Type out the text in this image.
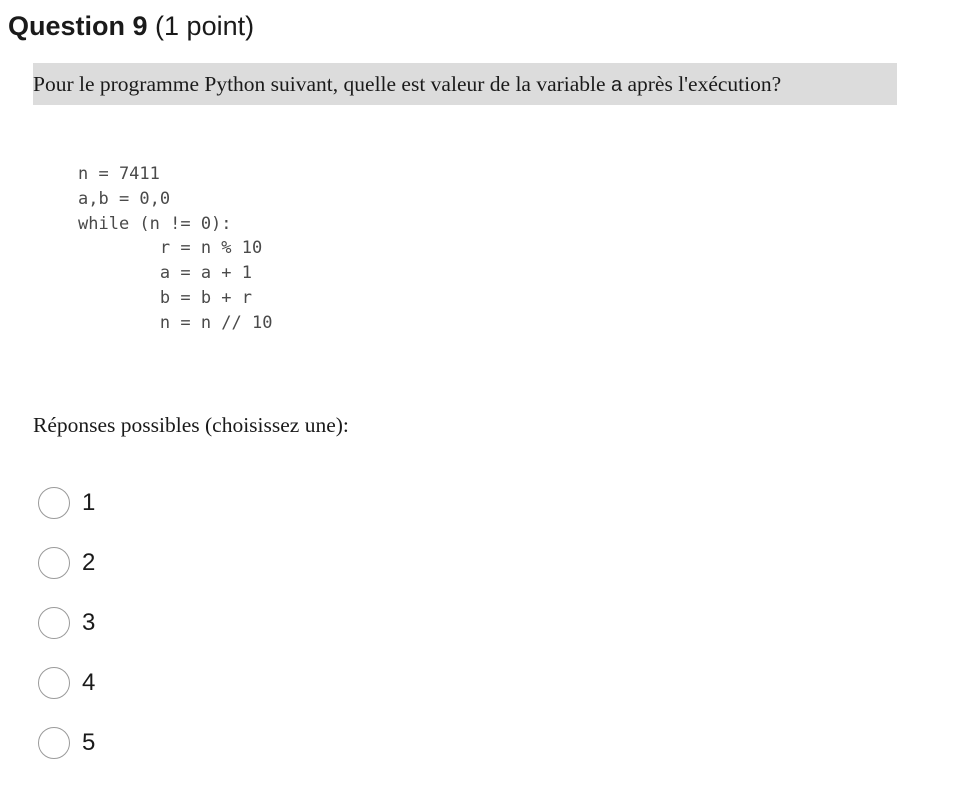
Question 9 (1 point)
Pour le programme Python suivant, quelle est valeur de la variable a après l'exécution?
n = 7411
a,b = 0,0
while (n != 0):
r = n % 10
a = a + 1
b = b + r
n = n // 10
Réponses possibles (choisissez une):
1
2
3
4
5
